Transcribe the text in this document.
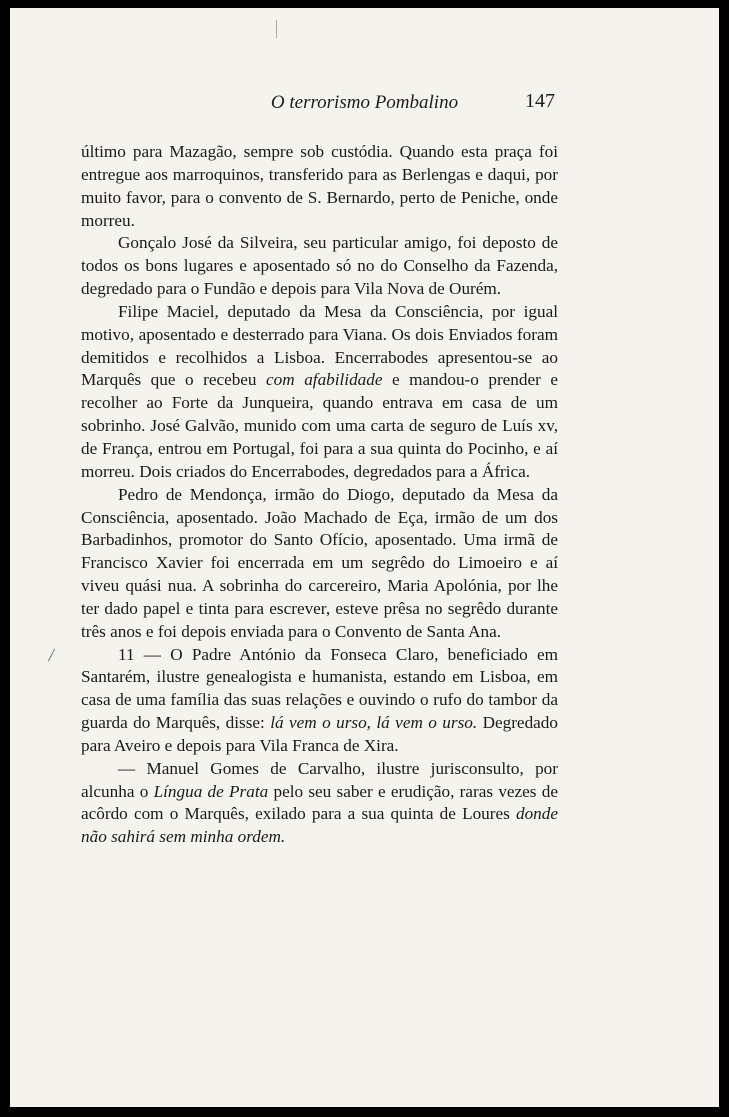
O terrorismo Pombalino	147

último para Mazagão, sempre sob custódia. Quando esta praça foi entregue aos marroquinos, transferido para as Berlengas e daqui, por muito favor, para o convento de S. Bernardo, perto de Peniche, onde morreu.

Gonçalo José da Silveira, seu particular amigo, foi deposto de todos os bons lugares e aposentado só no do Conselho da Fazenda, degredado para o Fundão e depois para Vila Nova de Ourém.

Filipe Maciel, deputado da Mesa da Consciência, por igual motivo, aposentado e desterrado para Viana. Os dois Enviados foram demitidos e recolhidos a Lisboa. Encerrabodes apresentou-se ao Marquês que o recebeu com afabilidade e mandou-o prender e recolher ao Forte da Junqueira, quando entrava em casa de um sobrinho. José Galvão, munido com uma carta de seguro de Luís xv, de França, entrou em Portugal, foi para a sua quinta do Pocinho, e aí morreu. Dois criados do Encerrabodes, degredados para a África.

Pedro de Mendonça, irmão do Diogo, deputado da Mesa da Consciência, aposentado. João Machado de Eça, irmão de um dos Barbadinhos, promotor do Santo Ofício, aposentado. Uma irmã de Francisco Xavier foi encerrada em um segrêdo do Limoeiro e aí viveu quási nua. A sobrinha do carcereiro, Maria Apolónia, por lhe ter dado papel e tinta para escrever, esteve prêsa no segrêdo durante três anos e foi depois enviada para o Convento de Santa Ana.

11 — O Padre António da Fonseca Claro, beneficiado em Santarém, ilustre genealogista e humanista, estando em Lisboa, em casa de uma família das suas relações e ouvindo o rufo do tambor da guarda do Marquês, disse: lá vem o urso, lá vem o urso. Degredado para Aveiro e depois para Vila Franca de Xira.

— Manuel Gomes de Carvalho, ilustre jurisconsulto, por alcunha o Língua de Prata pelo seu saber e erudição, raras vezes de acôrdo com o Marquês, exilado para a sua quinta de Loures donde não sahirá sem minha ordem.
